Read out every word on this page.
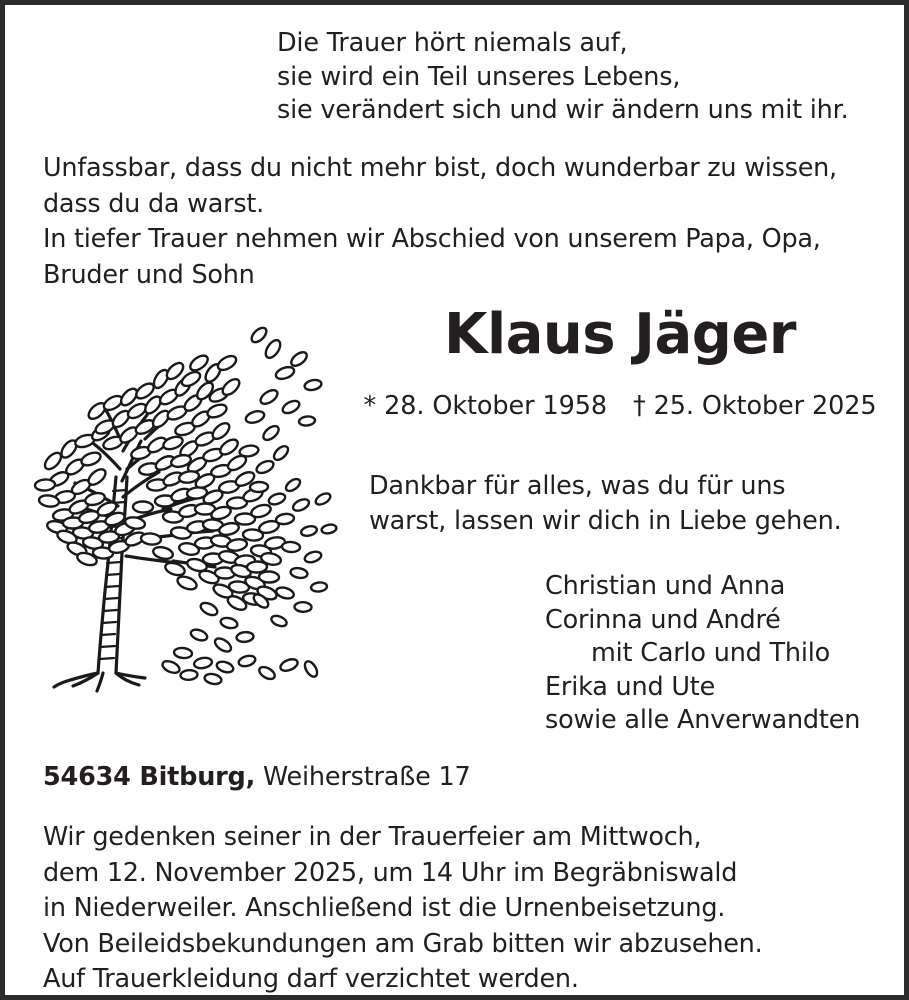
Die Trauer hört niemals auf,
sie wird ein Teil unseres Lebens,
sie verändert sich und wir ändern uns mit ihr.
Unfassbar, dass du nicht mehr bist, doch wunderbar zu wissen,
dass du da warst.
In tiefer Trauer nehmen wir Abschied von unserem Papa, Opa,
Bruder und Sohn
Klaus Jäger
* 28. Oktober 1958 † 25. Oktober 2025
Dankbar für alles, was du für uns
warst, lassen wir dich in Liebe gehen.
Christian und Anna
Corinna und André
mit Carlo und Thilo
Erika und Ute
sowie alle Anverwandten
54634 Bitburg, Weiherstraße 17
Wir gedenken seiner in der Trauerfeier am Mittwoch,
dem 12. November 2025, um 14 Uhr im Begräbniswald
in Niederweiler. Anschließend ist die Urnenbeisetzung.
Von Beileidsbekundungen am Grab bitten wir abzusehen.
Auf Trauerkleidung darf verzichtet werden.
